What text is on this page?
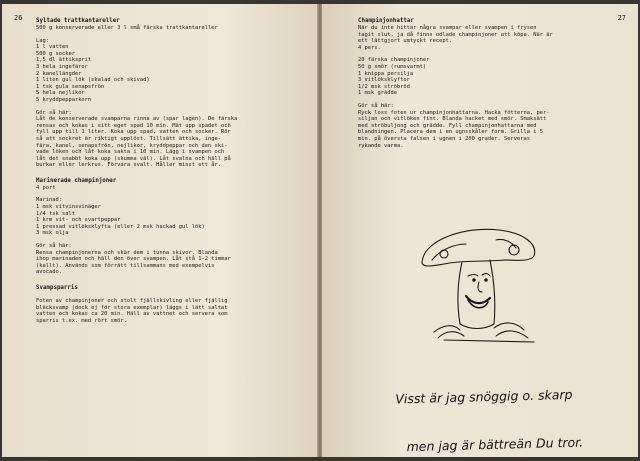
26 Syltade trattkantareller

500 g konserverade eller 3 l små färska trattkantareller

Lag:

1 l vatten

500 g socker

1,5 dl ättiksprit

3 hela ingefäror

2 kanellängder

1 liten gul lök (skalad och skivad)

1 tsk gula senapsfrön

5 hela nejlikor

5 kryddpepparkorn

Gör så här:

Låt de konserverade svamparna rinna av (spar lagen). De färska

rensas och kokas i sitt eget spad 10 min. Mät upp spadet och

fyll upp till 1 liter. Koka upp spad, vatten och socker. Rör

så att sockret är riktigt upplöst. Tillsätt ättika, inge-

fära, kanel, senapsfrön, nejlikor, kryddpeppar och den ski-

vade löken och låt koka sakta i 10 min. Lägg i svampen och

låt det snabbt koka upp (skumma väl). Låt svalna och häll på

burkar eller lerkrus. Förvara svalt. Håller minst ett år.

Marinerade champinjoner

4 port

Marinad:

1 msk vitvinsvinäger

1/4 tsk salt

1 krm vit- och svartpeppar

1 pressad vitlöksklyfta (eller 2 msk hackad gul lök)

3 msk olja

Gör så här:

Rensa champinjonerna och skär dem i tunna skivor. Blanda

ihop marinaden och häll den över svampen. Låt stå 1-2 timmar

(kallt). Används som förrätt tillsammans med exempelvis

avocado.

Svampsparris

Foten av champinjoner och stolt fjällskivling eller fjällig

bläcksvamp (dock ej för stora exemplar) läggs i lätt saltat

vatten och kokas ca 20 min. Häll av vattnet och servera som

sparris t.ex. med rört smör.

27

Champinjonhattar

När du inte hittar några svampar eller svampen i frysen

tagit slut, ja då finns odlade champinjoner att köpa. När är

ett lättgjort umtyckt recept.

4 pers.

20 färska champinjoner

50 g smör (rumsvarmt)

1 knippa persilja

3 vitlöksklyftor

1/2 msk ströbröd

1 msk grädde

Gör så här:

Ryck loss foten ur champinjonhattarna. Hacka fötterna, per-

siljan och vitlöken fint. Blanda hacket med smör. Smaksätt

med ströbuljong och grädde. Fyll champinjonhattarna med

blandningen. Placera dem i en ugnsskåler form. Grilla i 5

min. på översta falsen i ugnen i 200 grader. Serveras

rykande varma.

Visst är jag snöggig o. skarp

men jag är bättreän Du tror.
